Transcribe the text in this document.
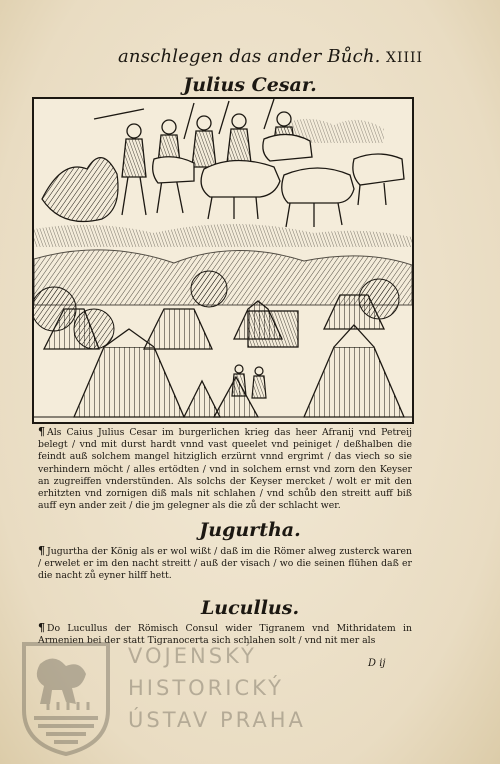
anschlegen das ander Bůch. XIIII
Julius Cesar.

¶ Als Caius Julius Cesar im burgerlichen krieg das heer Afranij vnd Petreij belegt / vnd mit durst hardt vnnd vast queelet vnd peiniget / deßhalben die feindt auß solchem mangel hitziglich erzürnt vnnd ergrimt / das viech so sie verhindern möcht / alles ertödten / vnd in solchem ernst vnd zorn den Keyser an zugreiffen vnderstünden. Als solchs der Keyser mercket / wolt er mit den erhitzten vnd zornigen diß mals nit schlahen / vnd schůb den streitt auff biß auff eyn ander zeit / die jm gelegner als die zů der schlacht wer.

Jugurtha.

¶ Jugurtha der König als er wol wißt / daß im die Römer alweg zusterck waren / erwelet er im den nacht streitt / auß der visach / wo die seinen flühen daß er die nacht zů eyner hilff hett.

Lucullus.

¶ Do Lucullus der Römisch Consul wider Tigranem vnd Mithridatem in Armenien bei der statt Tigranocerta sich schlahen solt / vnd nit mer als

D ij
VOJENSKÝ
HISTORICKÝ
ÚSTAV PRAHA
